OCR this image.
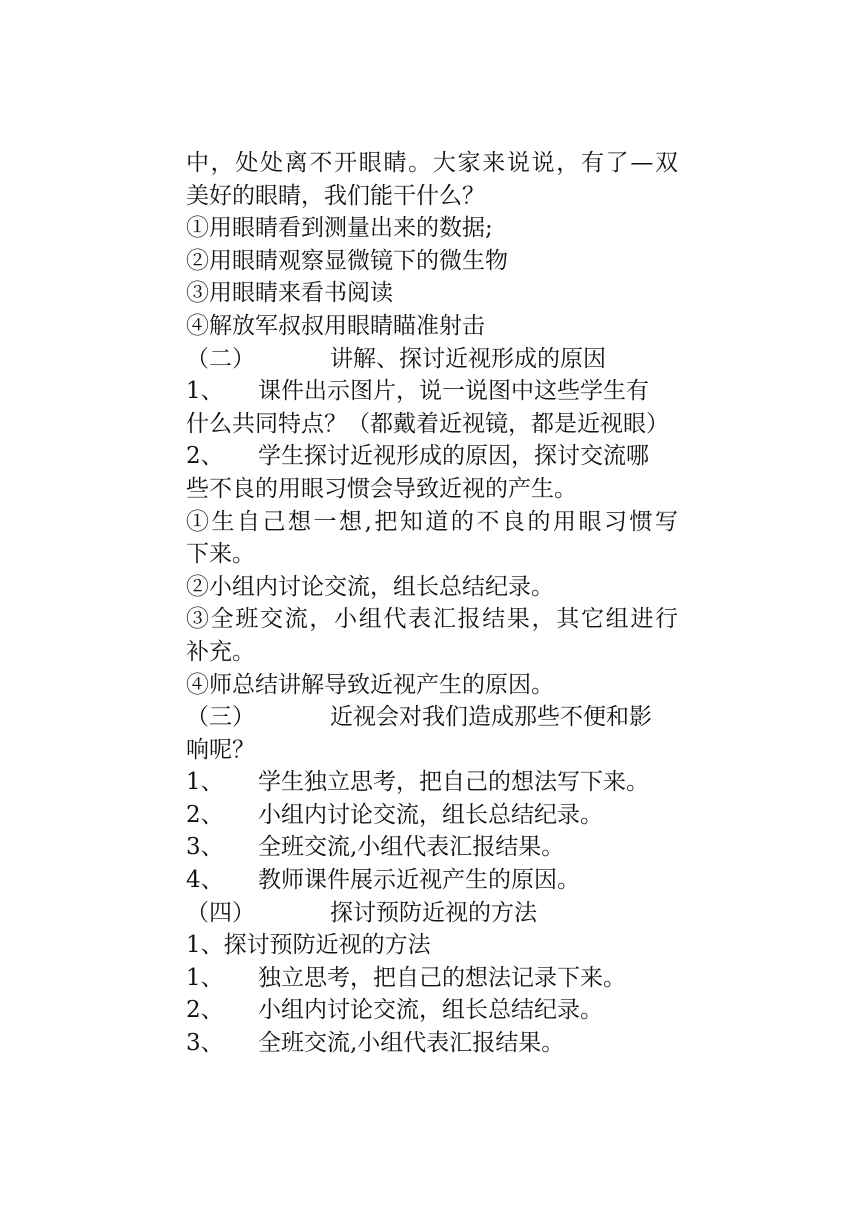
中，处处离不开眼睛。大家来说说，有了—双

美好的眼睛，我们能干什么？

①用眼睛看到测量出来的数据;

②用眼睛观察显微镜下的微生物

③用眼睛来看书阅读

④解放军叔叔用眼睛瞄准射击

（二）	讲解、探讨近视形成的原因
1、	课件出示图片，说一说图中这些学生有

什么共同特点？（都戴着近视镜，都是近视眼）

2、	学生探讨近视形成的原因，探讨交流哪

些不良的用眼习惯会导致近视的产生。

①生自己想一想,把知道的不良的用眼习惯写

下来。

②小组内讨论交流，组长总结纪录。

③全班交流，小组代表汇报结果，其它组进行

补充。

④师总结讲解导致近视产生的原因。

（三）	近视会对我们造成那些不便和影

响呢？

1、	学生独立思考，把自己的想法写下来。
2、	小组内讨论交流，组长总结纪录。
3、	全班交流,小组代表汇报结果。
4、	教师课件展示近视产生的原因。
（四）	探讨预防近视的方法

1、探讨预防近视的方法

1、	独立思考，把自己的想法记录下来。
2、	小组内讨论交流，组长总结纪录。
3、	全班交流,小组代表汇报结果。
